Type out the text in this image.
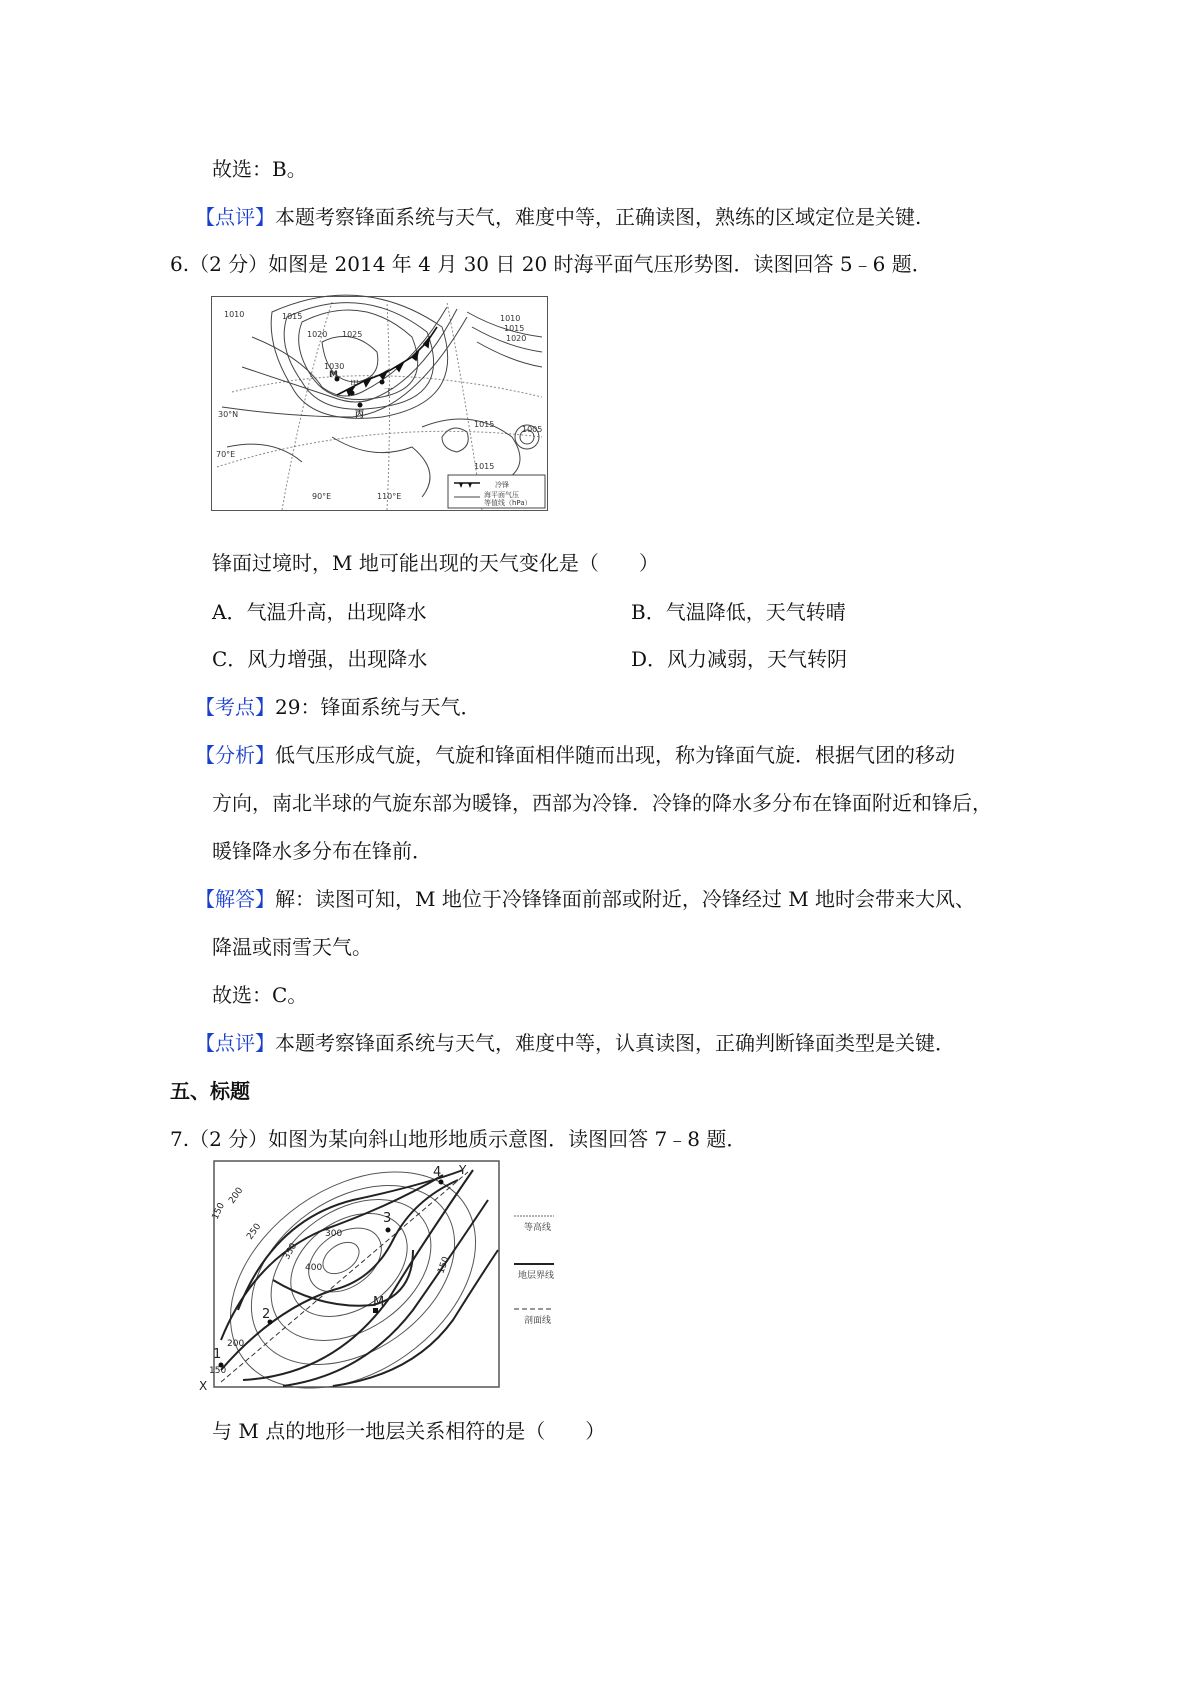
故选：B。
【点评】本题考察锋面系统与天气，难度中等，正确读图，熟练的区域定位是关键.
6.（2 分）如图是 2014 年 4 月 30 日 20 时海平面气压形势图．读图回答 5﹣6 题．
1010	1015
1020 1025
1030
1010
1015
1020
1015
1015
1005
90°E	110°E
30°N
70°E
M
甲
丙
丁
冷锋
海平面气压
等值线（hPa）
锋面过境时，M 地可能出现的天气变化是（　　）
A．气温升高，出现降水	B．气温降低，天气转晴
C．风力增强，出现降水	D．风力减弱，天气转阴
【考点】29：锋面系统与天气．
【分析】低气压形成气旋，气旋和锋面相伴随而出现，称为锋面气旋．根据气团的移动
方向，南北半球的气旋东部为暖锋，西部为冷锋．冷锋的降水多分布在锋面附近和锋后，
暖锋降水多分布在锋前．
【解答】解：读图可知，M 地位于冷锋锋面前部或附近，冷锋经过 M 地时会带来大风、
降温或雨雪天气。
故选：C。
【点评】本题考察锋面系统与天气，难度中等，认真读图，正确判断锋面类型是关键．
五、标题
7.（2 分）如图为某向斜山地形地质示意图．读图回答 7﹣8 题．
1
2
3
4
M
Y
X
150
200
250	300
350
400
200
150
150
等高线
地层界线
剖面线
与 M 点的地形一地层关系相符的是（　　）
